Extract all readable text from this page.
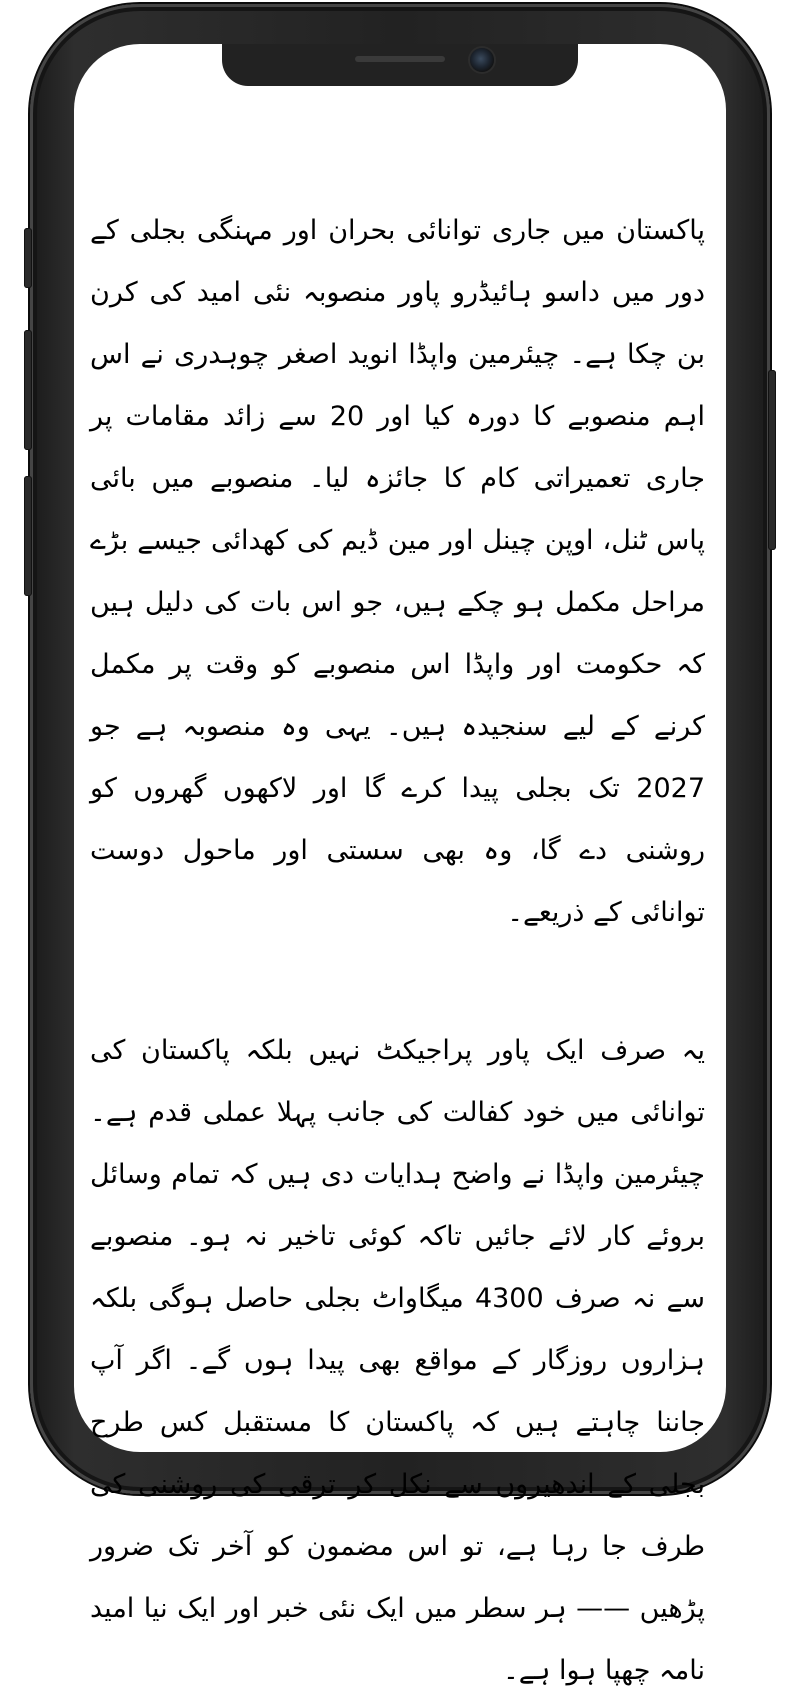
پاکستان میں جاری توانائی بحران اور مہنگی بجلی کے دور میں داسو ہائیڈرو پاور منصوبہ نئی امید کی کرن بن چکا ہے۔ چیئرمین واپڈا انوید اصغر چوہدری نے اس اہم منصوبے کا دورہ کیا اور 20 سے زائد مقامات پر جاری تعمیراتی کام کا جائزہ لیا۔ منصوبے میں بائی پاس ٹنل، اوپن چینل اور مین ڈیم کی کھدائی جیسے بڑے مراحل مکمل ہو چکے ہیں، جو اس بات کی دلیل ہیں کہ حکومت اور واپڈا اس منصوبے کو وقت پر مکمل کرنے کے لیے سنجیدہ ہیں۔ یہی وہ منصوبہ ہے جو 2027 تک بجلی پیدا کرے گا اور لاکھوں گھروں کو روشنی دے گا، وہ بھی سستی اور ماحول دوست توانائی کے ذریعے۔

یہ صرف ایک پاور پراجیکٹ نہیں بلکہ پاکستان کی توانائی میں خود کفالت کی جانب پہلا عملی قدم ہے۔ چیئرمین واپڈا نے واضح ہدایات دی ہیں کہ تمام وسائل بروئے کار لائے جائیں تاکہ کوئی تاخیر نہ ہو۔ منصوبے سے نہ صرف 4300 میگاواٹ بجلی حاصل ہوگی بلکہ ہزاروں روزگار کے مواقع بھی پیدا ہوں گے۔ اگر آپ جاننا چاہتے ہیں کہ پاکستان کا مستقبل کس طرح بجلی کے اندھیروں سے نکل کر ترقی کی روشنی کی طرف جا رہا ہے، تو اس مضمون کو آخر تک ضرور پڑھیں —— ہر سطر میں ایک نئی خبر اور ایک نیا امید نامہ چھپا ہوا ہے۔
